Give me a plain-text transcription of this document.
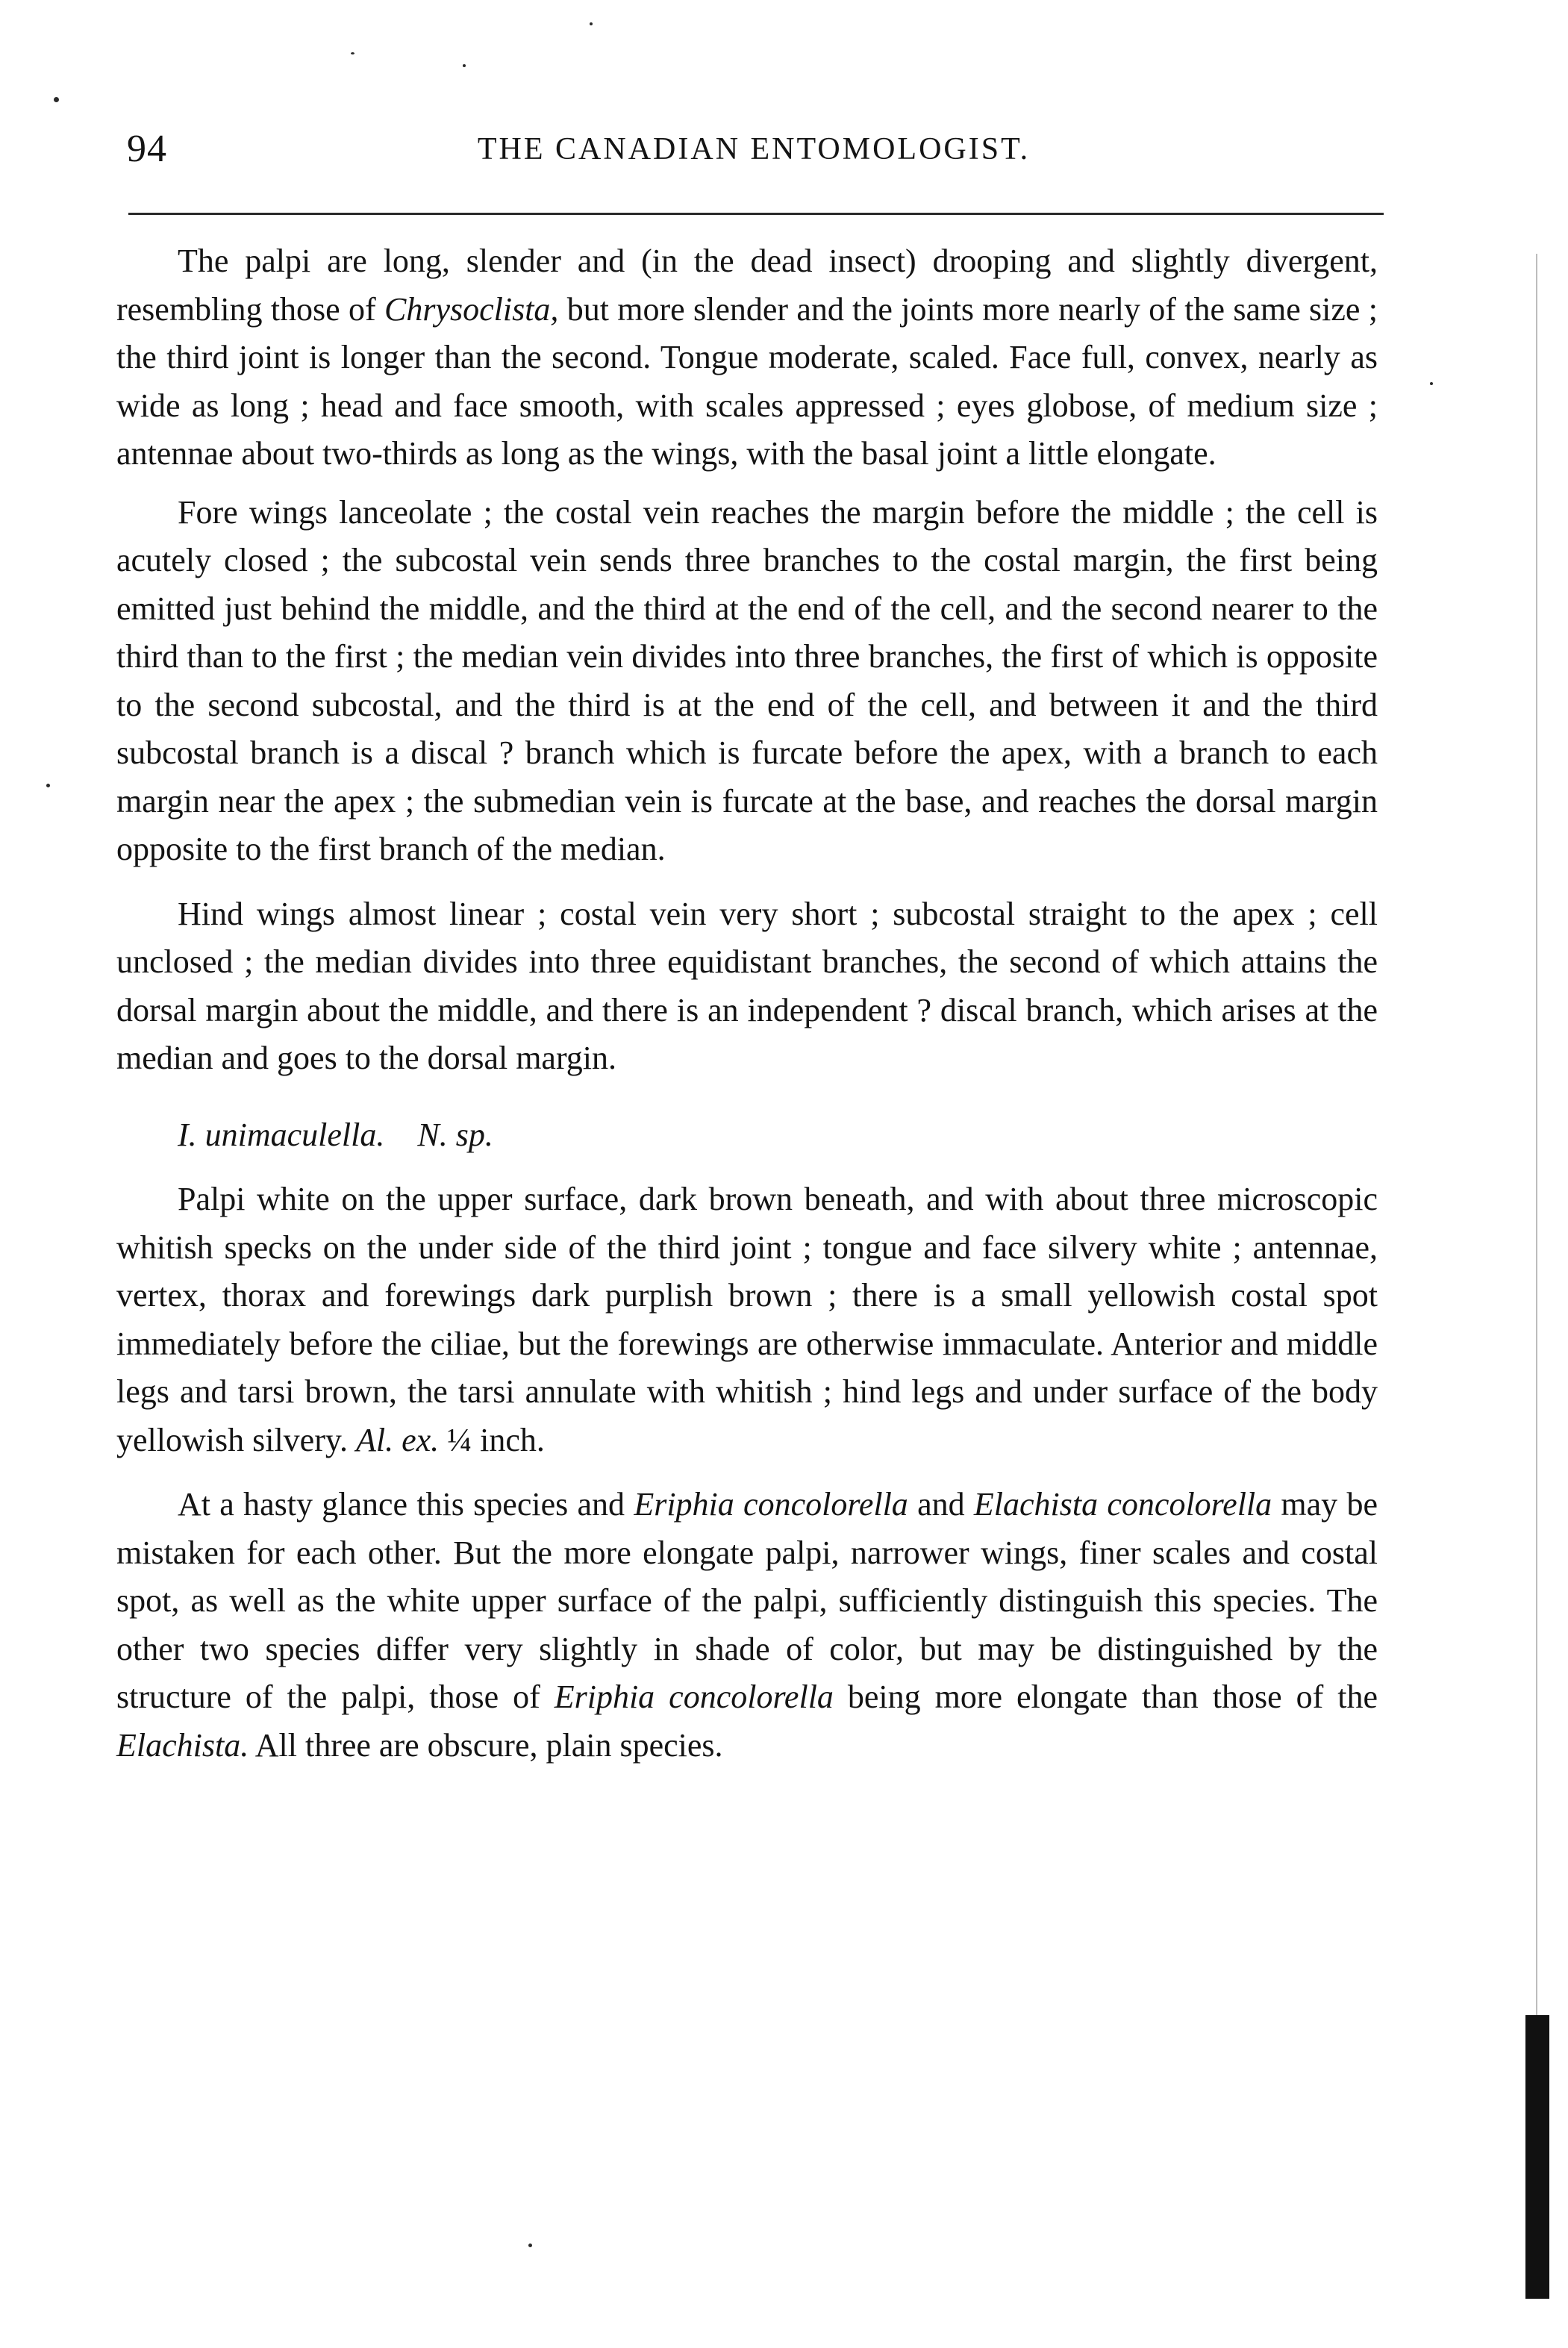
94	THE CANADIAN ENTOMOLOGIST.

The palpi are long, slender and (in the dead insect) drooping and slightly divergent, resembling those of Chrysoclista, but more slender and the joints more nearly of the same size ; the third joint is longer than the second. Tongue moderate, scaled. Face full, convex, nearly as wide as long ; head and face smooth, with scales appressed ; eyes globose, of medium size ; antennae about two-thirds as long as the wings, with the basal joint a little elongate.

Fore wings lanceolate ; the costal vein reaches the margin before the middle ; the cell is acutely closed ; the subcostal vein sends three branches to the costal margin, the first being emitted just behind the middle, and the third at the end of the cell, and the second nearer to the third than to the first ; the median vein divides into three branches, the first of which is opposite to the second subcostal, and the third is at the end of the cell, and between it and the third subcostal branch is a discal ? branch which is furcate before the apex, with a branch to each margin near the apex ; the submedian vein is furcate at the base, and reaches the dorsal margin opposite to the first branch of the median.

Hind wings almost linear ; costal vein very short ; subcostal straight to the apex ; cell unclosed ; the median divides into three equidistant branches, the second of which attains the dorsal margin about the middle, and there is an independent ? discal branch, which arises at the median and goes to the dorsal margin.

I. unimaculella. N. sp.

Palpi white on the upper surface, dark brown beneath, and with about three microscopic whitish specks on the under side of the third joint ; tongue and face silvery white ; antennae, vertex, thorax and forewings dark purplish brown ; there is a small yellowish costal spot immediately before the ciliae, but the forewings are otherwise immaculate. Anterior and middle legs and tarsi brown, the tarsi annulate with whitish ; hind legs and under surface of the body yellowish silvery. Al. ex. ¼ inch.

At a hasty glance this species and Eriphia concolorella and Elachista concolorella may be mistaken for each other. But the more elongate palpi, narrower wings, finer scales and costal spot, as well as the white upper surface of the palpi, sufficiently distinguish this species. The other two species differ very slightly in shade of color, but may be distinguished by the structure of the palpi, those of Eriphia concolorella being more elongate than those of the Elachista. All three are obscure, plain species.
